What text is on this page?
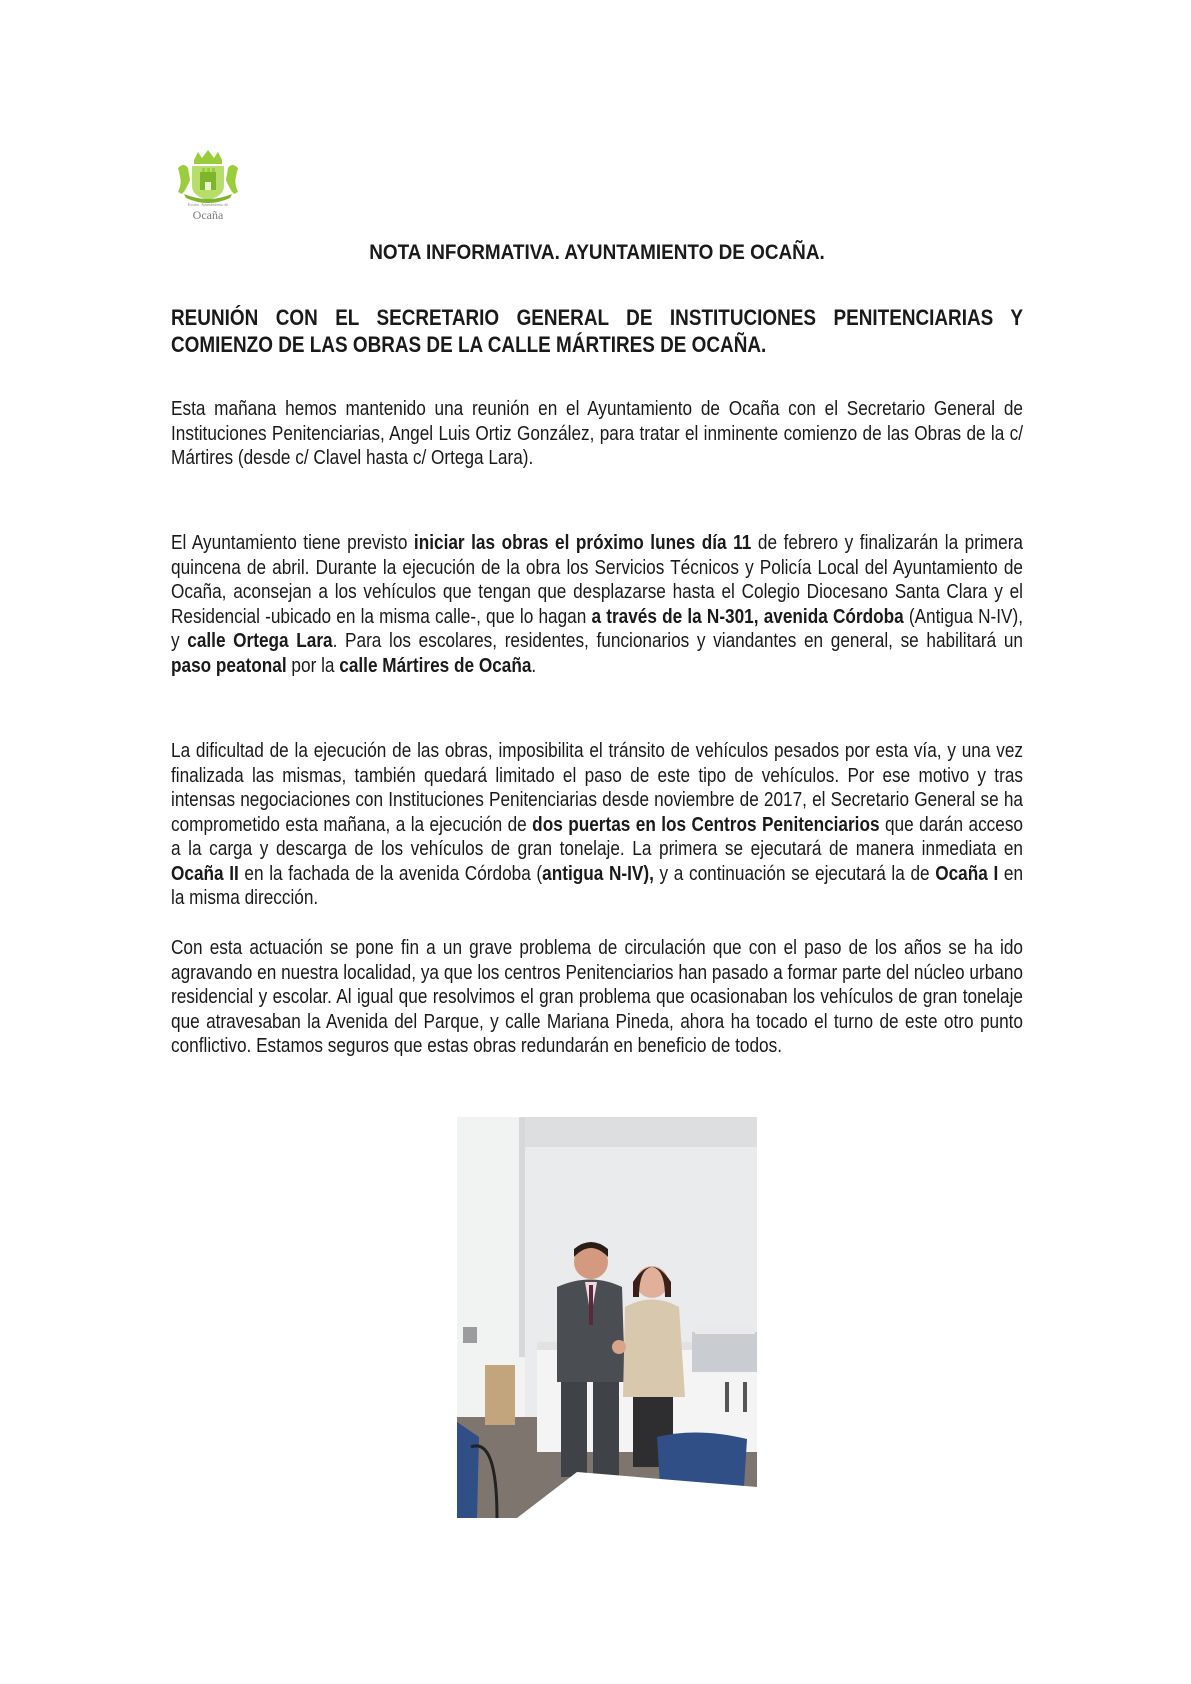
Excmo. Ayuntamiento de
Ocaña
NOTA INFORMATIVA. AYUNTAMIENTO DE OCAÑA.
REUNIÓN CON EL SECRETARIO GENERAL DE INSTITUCIONES PENITENCIARIAS Y COMIENZO DE LAS OBRAS DE LA CALLE MÁRTIRES DE OCAÑA.

Esta mañana hemos mantenido una reunión en el Ayuntamiento de Ocaña con el Secretario General de Instituciones Penitenciarias, Angel Luis Ortiz González, para tratar el inminente comienzo de las Obras de la c/ Mártires (desde c/ Clavel hasta c/ Ortega Lara).

El Ayuntamiento tiene previsto iniciar las obras el próximo lunes día 11 de febrero y finalizarán la primera quincena de abril. Durante la ejecución de la obra los Servicios Técnicos y Policía Local del Ayuntamiento de Ocaña, aconsejan a los vehículos que tengan que desplazarse hasta el Colegio Diocesano Santa Clara y el Residencial -ubicado en la misma calle-, que lo hagan a través de la N-301, avenida Córdoba (Antigua N-IV), y calle Ortega Lara. Para los escolares, residentes, funcionarios y viandantes en general, se habilitará un paso peatonal por la calle Mártires de Ocaña.

La dificultad de la ejecución de las obras, imposibilita el tránsito de vehículos pesados por esta vía, y una vez finalizada las mismas, también quedará limitado el paso de este tipo de vehículos. Por ese motivo y tras intensas negociaciones con Instituciones Penitenciarias desde noviembre de 2017, el Secretario General se ha comprometido esta mañana, a la ejecución de dos puertas en los Centros Penitenciarios que darán acceso a la carga y descarga de los vehículos de gran tonelaje. La primera se ejecutará de manera inmediata en Ocaña II en la fachada de la avenida Córdoba (antigua N-IV), y a continuación se ejecutará la de Ocaña I en la misma dirección.

Con esta actuación se pone fin a un grave problema de circulación que con el paso de los años se ha ido agravando en nuestra localidad, ya que los centros Penitenciarios han pasado a formar parte del núcleo urbano residencial y escolar. Al igual que resolvimos el gran problema que ocasionaban los vehículos de gran tonelaje que atravesaban la Avenida del Parque, y calle Mariana Pineda, ahora ha tocado el turno de este otro punto conflictivo. Estamos seguros que estas obras redundarán en beneficio de todos.
